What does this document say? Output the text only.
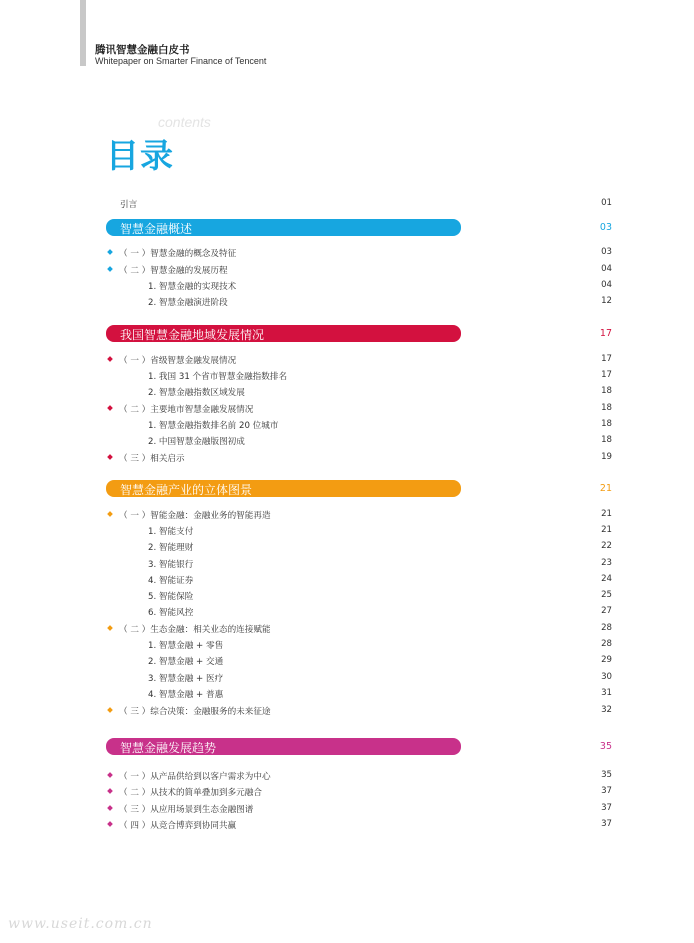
腾讯智慧金融白皮书
Whitepaper on Smarter Finance of Tencent
contents
目录
引言	01
智慧金融概述	03
（ 一 ）智慧金融的概念及特征	03
（ 二 ）智慧金融的发展历程	04
1. 智慧金融的实现技术	04
2. 智慧金融演进阶段	12
我国智慧金融地域发展情况	17
（ 一 ）省级智慧金融发展情况	17
1. 我国 31 个省市智慧金融指数排名	17
2. 智慧金融指数区域发展	18
（ 二 ）主要地市智慧金融发展情况	18
1. 智慧金融指数排名前 20 位城市	18
2. 中国智慧金融版图初成	18
（ 三 ）相关启示	19
智慧金融产业的立体图景	21
（ 一 ）智能金融：金融业务的智能再造	21
1. 智能支付	21
2. 智能理财	22
3. 智能银行	23
4. 智能证券	24
5. 智能保险	25
6. 智能风控	27
（ 二 ）生态金融：相关业态的连接赋能	28
1. 智慧金融 + 零售	28
2. 智慧金融 + 交通	29
3. 智慧金融 + 医疗	30
4. 智慧金融 + 普惠	31
（ 三 ）综合决策：金融服务的未来征途	32
智慧金融发展趋势	35
（ 一 ）从产品供给到以客户需求为中心	35
（ 二 ）从技术的简单叠加到多元融合	37
（ 三 ）从应用场景到生态金融图谱	37
（ 四 ）从竞合博弈到协同共赢	37
www.useit.com.cn
